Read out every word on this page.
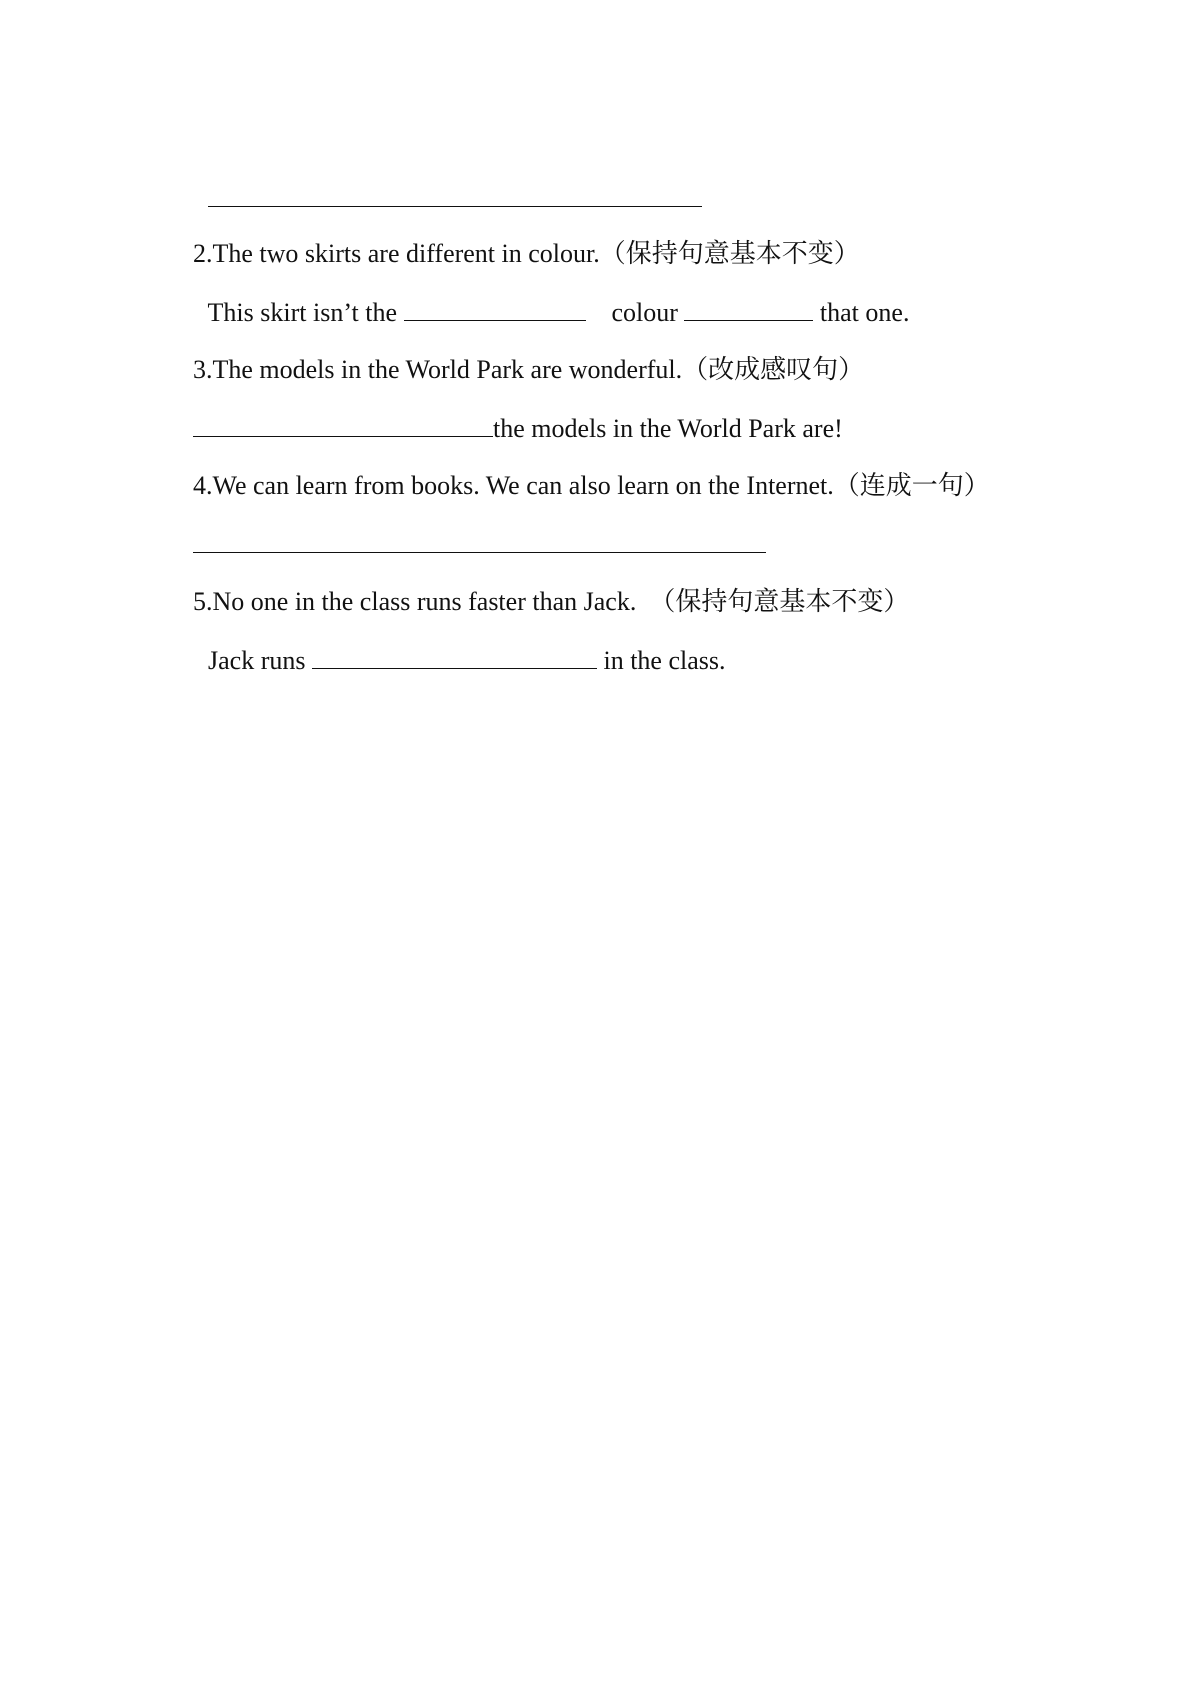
2.The two skirts are different in colour.（保持句意基本不变）

This skirt isn’t the	colour	that one.

3.The models in the World Park are wonderful.（改成感叹句）

the models in the World Park are!

4.We can learn from books. We can also learn on the Internet.（连成一句）

5.No one in the class runs faster than Jack.  （保持句意基本不变）

Jack runs	in the class.
